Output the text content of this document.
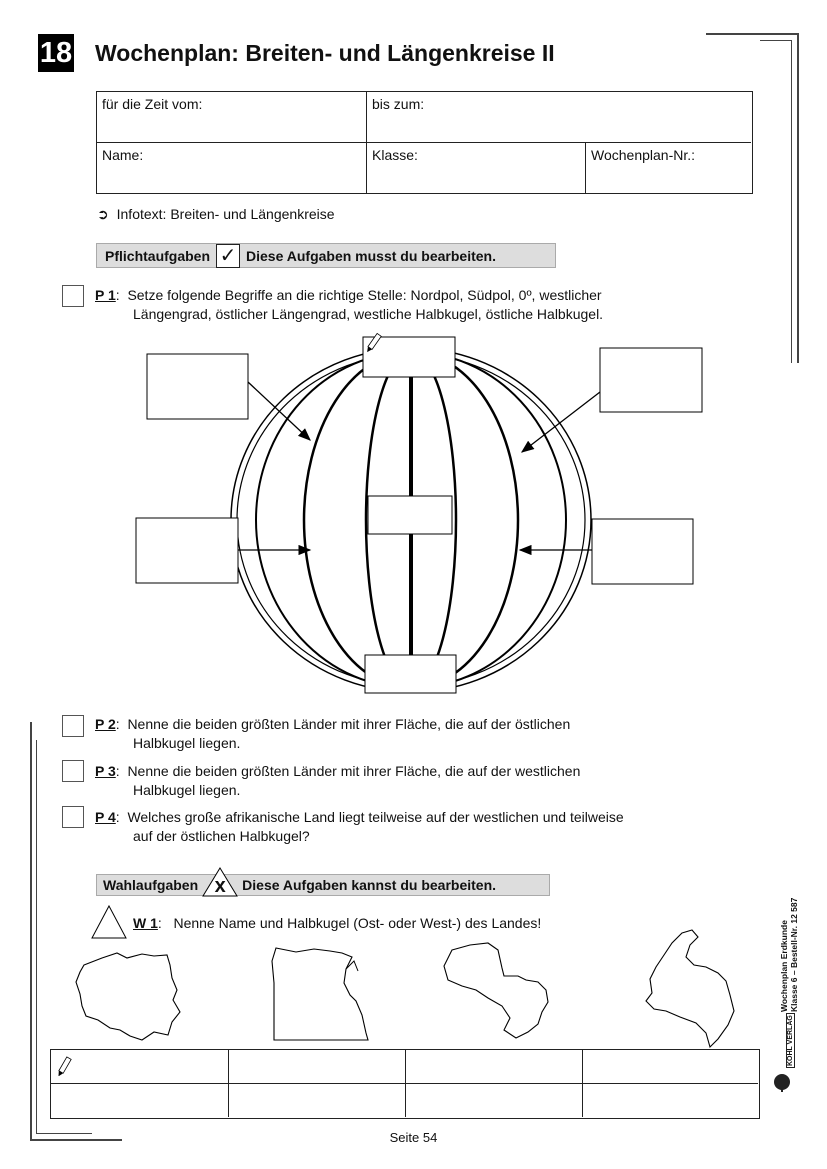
18 Wochenplan: Breiten- und Längenkreise II
für die Zeit vom:	bis zum:
Name:	Klasse:	Wochenplan-Nr.:
➲ Infotext: Breiten- und Längenkreise
Pflichtaufgaben ✓ Diese Aufgaben musst du bearbeiten.
P 1:  Setze folgende Begriffe an die richtige Stelle: Nordpol, Südpol, 0º, westlicher
Längengrad, östlicher Längengrad, westliche Halbkugel, östliche Halbkugel.
P 2:  Nenne die beiden größten Länder mit ihrer Fläche, die auf der östlichen
Halbkugel liegen.
P 3:  Nenne die beiden größten Länder mit ihrer Fläche, die auf der westlichen
Halbkugel liegen.
P 4:  Welches große afrikanische Land liegt teilweise auf der westlichen und teilweise
auf der östlichen Halbkugel?
Wahlaufgaben x	Diese Aufgaben kannst du bearbeiten.
W 1:   Nenne Name und Halbkugel (Ost- oder West-) des Landes!	Wochenplan Erdkunde Klasse 6 – Bestell-Nr. 12 587
KOHL VERLAG
Seite 54
